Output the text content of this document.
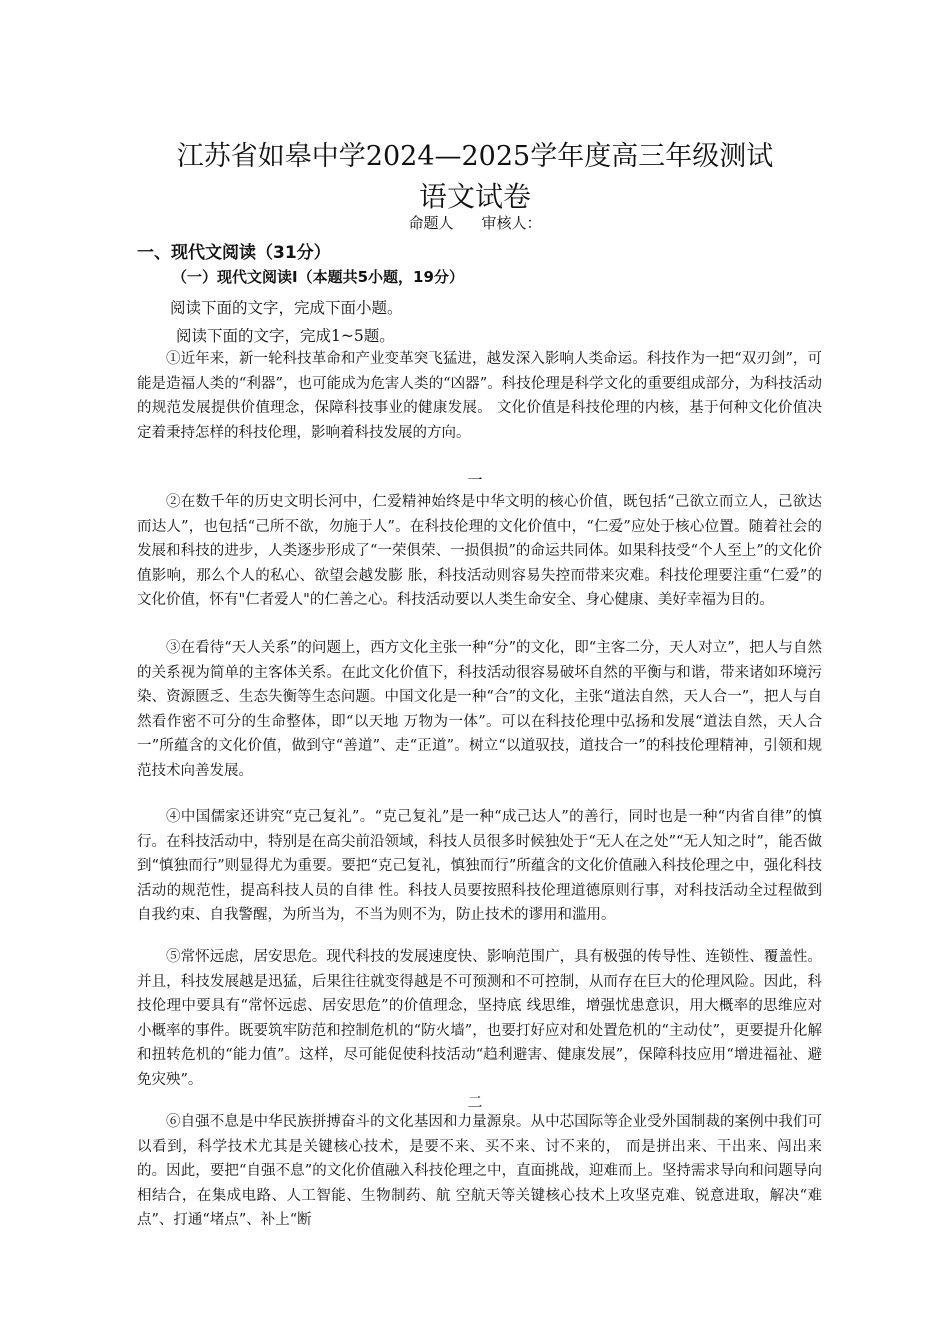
江苏省如皋中学2024—2025学年度高三年级测试
语文试卷
命题人 审核人：
一、现代文阅读（31分）
（一）现代文阅读Ⅰ（本题共5小题，19分）
阅读下面的文字，完成下面小题。
阅读下面的文字，完成1~5题。

①近年来，新一轮科技革命和产业变革突飞猛进，越发深入影响人类命运。科技作为一把“双刃剑”，可能是造福人类的“利器”，也可能成为危害人类的“凶器”。科技伦理是科学文化的重要组成部分，为科技活动的规范发展提供价值理念，保障科技事业的健康发展。 文化价值是科技伦理的内核，基于何种文化价值决定着秉持怎样的科技伦理，影响着科技发展的方向。

一

②在数千年的历史文明长河中，仁爱精神始终是中华文明的核心价值，既包括“己欲立而立人，己欲达而达人”，也包括“己所不欲，勿施于人”。在科技伦理的文化价值中，“仁爱”应处于核心位置。随着社会的发展和科技的进步，人类逐步形成了“一荣俱荣、一损俱损”的命运共同体。如果科技受“个人至上”的文化价值影响，那么个人的私心、欲望会越发膨 胀，科技活动则容易失控而带来灾难。科技伦理要注重“仁爱”的文化价值，怀有"仁者爱人"的仁善之心。科技活动要以人类生命安全、身心健康、美好幸福为目的。

③在看待“天人关系”的问题上，西方文化主张一种“分”的文化，即“主客二分，天人对立”，把人与自然的关系视为简单的主客体关系。在此文化价值下，科技活动很容易破坏自然的平衡与和谐，带来诸如环境污染、资源匮乏、生态失衡等生态问题。中国文化是一种“合”的文化，主张“道法自然，天人合一”，把人与自然看作密不可分的生命整体，即“以天地 万物为一体”。可以在科技伦理中弘扬和发展“道法自然，天人合一”所蕴含的文化价值，做到守“善道”、走“正道”。树立“以道驭技，道技合一”的科技伦理精神，引领和规范技术向善发展。

④中国儒家还讲究“克己复礼”。“克己复礼”是一种“成己达人”的善行，同时也是一种“内省自律”的慎行。在科技活动中，特别是在高尖前沿领域，科技人员很多时候独处于“无人在之处”“无人知之时”，能否做到“慎独而行”则显得尤为重要。要把“克己复礼，慎独而行”所蕴含的文化价值融入科技伦理之中，强化科技活动的规范性，提高科技人员的自律 性。科技人员要按照科技伦理道德原则行事，对科技活动全过程做到自我约束、自我警醒，为所当为，不当为则不为，防止技术的谬用和滥用。

⑤常怀远虑，居安思危。现代科技的发展速度快、影响范围广，具有极强的传导性、连锁性、覆盖性。并且，科技发展越是迅猛，后果往往就变得越是不可预测和不可控制，从而存在巨大的伦理风险。因此，科技伦理中要具有“常怀远虑、居安思危”的价值理念，坚持底 线思维，增强忧患意识，用大概率的思维应对小概率的事件。既要筑牢防范和控制危机的“防火墙”，也要打好应对和处置危机的“主动仗”，更要提升化解和扭转危机的“能力值”。这样，尽可能促使科技活动“趋利避害、健康发展”，保障科技应用“增进福祉、避免灾殃”。

二

⑥自强不息是中华民族拼搏奋斗的文化基因和力量源泉。从中芯国际等企业受外国制裁的案例中我们可以看到，科学技术尤其是关键核心技术，是要不来、买不来、讨不来的， 而是拼出来、干出来、闯出来的。因此，要把“自强不息”的文化价值融入科技伦理之中，直面挑战，迎难而上。坚持需求导向和问题导向相结合，在集成电路、人工智能、生物制药、航 空航天等关键核心技术上攻坚克难、锐意进取，解决“难点”、打通“堵点”、补上“断
